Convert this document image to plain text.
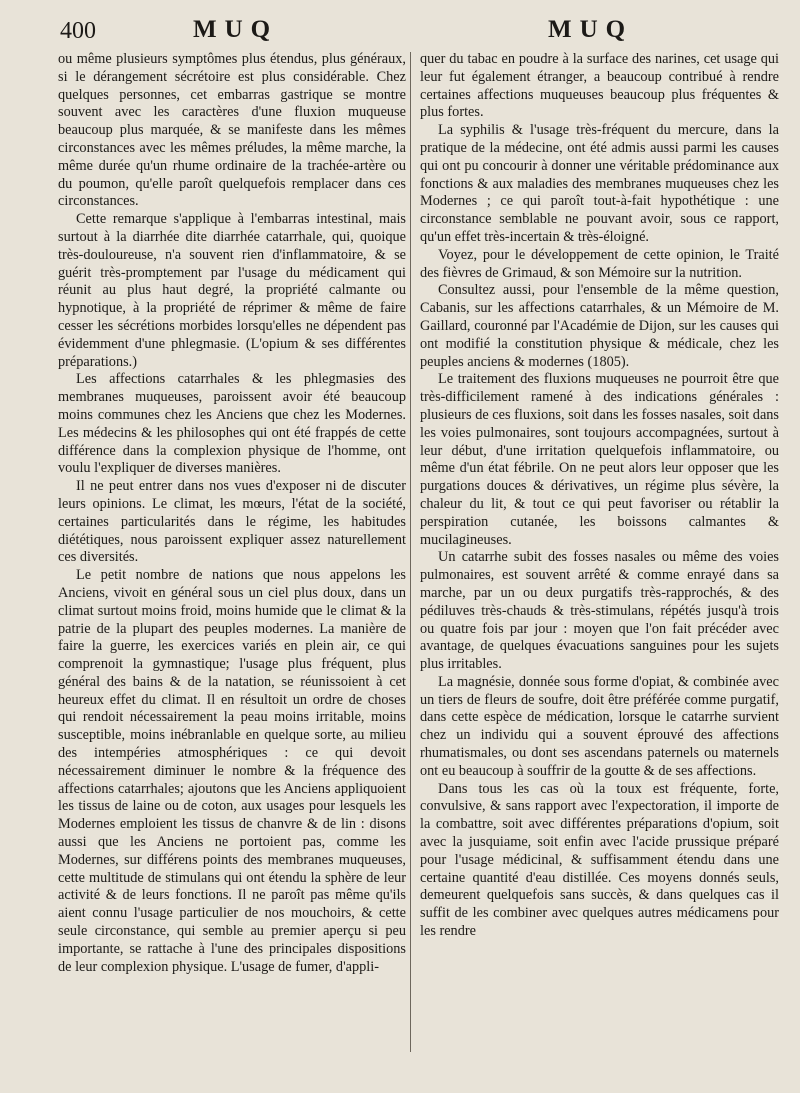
400	MUQ	MUQ

ou même plusieurs symptômes plus étendus, plus généraux, si le dérangement sécrétoire est plus considérable. Chez quelques personnes, cet embarras gastrique se montre souvent avec les caractères d'une fluxion muqueuse beaucoup plus marquée, & se manifeste dans les mêmes circonstances avec les mêmes préludes, la même marche, la même durée qu'un rhume ordinaire de la trachée-artère ou du poumon, qu'elle paroît quelquefois remplacer dans ces circonstances.

Cette remarque s'applique à l'embarras intestinal, mais surtout à la diarrhée dite diarrhée catarrhale, qui, quoique très-douloureuse, n'a souvent rien d'inflammatoire, & se guérit très-promptement par l'usage du médicament qui réunit au plus haut degré, la propriété calmante ou hypnotique, à la propriété de réprimer & même de faire cesser les sécrétions morbides lorsqu'elles ne dépendent pas évidemment d'une phlegmasie. (L'opium & ses différentes préparations.)

Les affections catarrhales & les phlegmasies des membranes muqueuses, paroissent avoir été beaucoup moins communes chez les Anciens que chez les Modernes. Les médecins & les philosophes qui ont été frappés de cette différence dans la complexion physique de l'homme, ont voulu l'expliquer de diverses manières.

Il ne peut entrer dans nos vues d'exposer ni de discuter leurs opinions. Le climat, les mœurs, l'état de la société, certaines particularités dans le régime, les habitudes diététiques, nous paroissent expliquer assez naturellement ces diversités.

Le petit nombre de nations que nous appelons les Anciens, vivoit en général sous un ciel plus doux, dans un climat surtout moins froid, moins humide que le climat & la patrie de la plupart des peuples modernes. La manière de faire la guerre, les exercices variés en plein air, ce qui comprenoit la gymnastique; l'usage plus fréquent, plus général des bains & de la natation, se réunissoient à cet heureux effet du climat. Il en résultoit un ordre de choses qui rendoit nécessairement la peau moins irritable, moins susceptible, moins inébranlable en quelque sorte, au milieu des intempéries atmosphériques : ce qui devoit nécessairement diminuer le nombre & la fréquence des affections catarrhales; ajoutons que les Anciens appliquoient les tissus de laine ou de coton, aux usages pour lesquels les Modernes emploient les tissus de chanvre & de lin : disons aussi que les Anciens ne portoient pas, comme les Modernes, sur différens points des membranes muqueuses, cette multitude de stimulans qui ont étendu la sphère de leur activité & de leurs fonctions. Il ne paroît pas même qu'ils aient connu l'usage particulier de nos mouchoirs, & cette seule circonstance, qui semble au premier aperçu si peu importante, se rattache à l'une des principales dispositions de leur complexion physique. L'usage de fumer, d'appli-

quer du tabac en poudre à la surface des narines, cet usage qui leur fut également étranger, a beaucoup contribué à rendre certaines affections muqueuses beaucoup plus fréquentes & plus fortes.

La syphilis & l'usage très-fréquent du mercure, dans la pratique de la médecine, ont été admis aussi parmi les causes qui ont pu concourir à donner une véritable prédominance aux fonctions & aux maladies des membranes muqueuses chez les Modernes ; ce qui paroît tout-à-fait hypothétique : une circonstance semblable ne pouvant avoir, sous ce rapport, qu'un effet très-incertain & très-éloigné.

Voyez, pour le développement de cette opinion, le Traité des fièvres de Grimaud, & son Mémoire sur la nutrition.

Consultez aussi, pour l'ensemble de la même question, Cabanis, sur les affections catarrhales, & un Mémoire de M. Gaillard, couronné par l'Académie de Dijon, sur les causes qui ont modifié la constitution physique & médicale, chez les peuples anciens & modernes (1805).

Le traitement des fluxions muqueuses ne pourroit être que très-difficilement ramené à des indications générales : plusieurs de ces fluxions, soit dans les fosses nasales, soit dans les voies pulmonaires, sont toujours accompagnées, surtout à leur début, d'une irritation quelquefois inflammatoire, ou même d'un état fébrile. On ne peut alors leur opposer que les purgations douces & dérivatives, un régime plus sévère, la chaleur du lit, & tout ce qui peut favoriser ou rétablir la perspiration cutanée, les boissons calmantes & mucilagineuses.

Un catarrhe subit des fosses nasales ou même des voies pulmonaires, est souvent arrêté & comme enrayé dans sa marche, par un ou deux purgatifs très-rapprochés, & des pédiluves très-chauds & très-stimulans, répétés jusqu'à trois ou quatre fois par jour : moyen que l'on fait précéder avec avantage, de quelques évacuations sanguines pour les sujets plus irritables.

La magnésie, donnée sous forme d'opiat, & combinée avec un tiers de fleurs de soufre, doit être préférée comme purgatif, dans cette espèce de médication, lorsque le catarrhe survient chez un individu qui a souvent éprouvé des affections rhumatismales, ou dont ses ascendans paternels ou maternels ont eu beaucoup à souffrir de la goutte & de ses affections.

Dans tous les cas où la toux est fréquente, forte, convulsive, & sans rapport avec l'expectoration, il importe de la combattre, soit avec différentes préparations d'opium, soit avec la jusquiame, soit enfin avec l'acide prussique préparé pour l'usage médicinal, & suffisamment étendu dans une certaine quantité d'eau distillée. Ces moyens donnés seuls, demeurent quelquefois sans succès, & dans quelques cas il suffit de les combiner avec quelques autres médicamens pour les rendre
